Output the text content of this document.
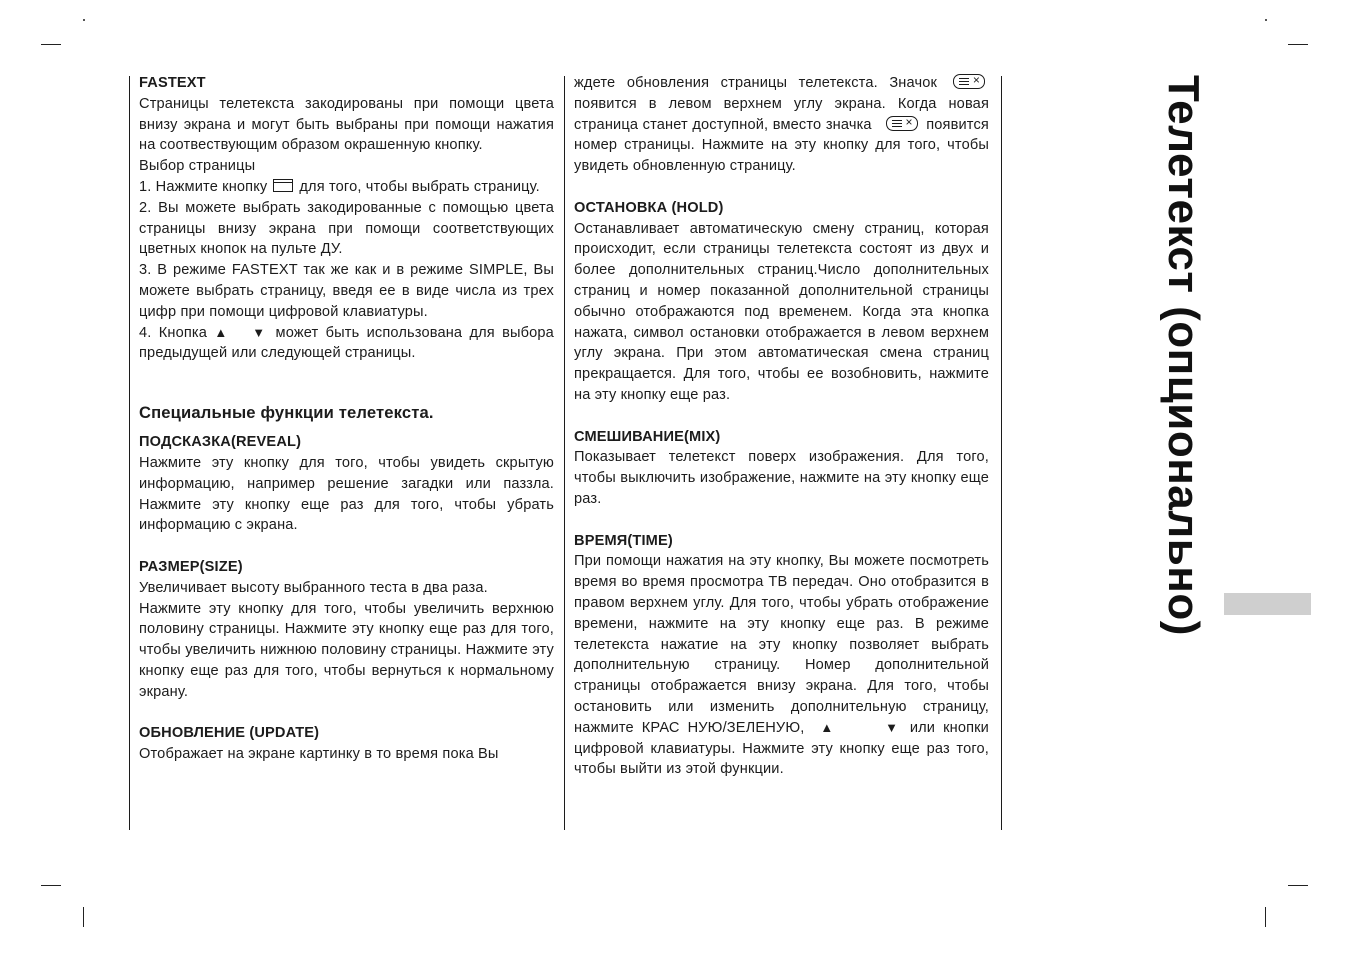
FASTEXT

Страницы телетекста закодированы при помощи цвета внизу экрана и могут быть выбраны при помощи нажатия на соотвествующим образом окрашенную кнопку.

Выбор страницы

1. Нажмите кнопку для того, чтобы выбрать страницу.

2. Вы можете выбрать закодированные с помощью цвета страницы внизу экрана при помощи соответствующих цветных кнопок на пульте ДУ.

3. В режиме FASTEXT так же как и в режиме SIMPLE, Вы можете выбрать страницу, введя ее в виде числа из трех цифр при помощи цифровой клавиатуры.

4. Кнопка ▲ ▼ может быть использована для выбора предыдущей или следующей страницы.

Специальные функции телетекста.
ПОДСКАЗКА(REVEAL)

Нажмите эту кнопку для того, чтобы увидеть скрытую информацию, например решение загадки или паззла. Нажмите эту кнопку еще раз для того, чтобы убрать информацию с экрана.

РАЗМЕР(SIZE)

Увеличивает высоту выбранного теста в два раза.

Нажмите эту кнопку для того, чтобы увеличить верхнюю половину страницы. Нажмите эту кнопку еще раз для того, чтобы увеличить нижнюю половину страницы. Нажмите эту кнопку еще раз для того, чтобы вернуться к нормальному экрану.

ОБНОВЛЕНИЕ (UPDATE)

Отображает на экране картинку в то время пока Вы

ждете обновления страницы телетекста. Значок	×
появится в левом верхнем углу экрана. Когда новая страница станет доступной, вместо значка	× появится номер страницы. Нажмите на эту кнопку для того, чтобы увидеть обновленную страницу.

ОСТАНОВКА (HOLD)

Останавливает автоматическую смену страниц, которая происходит, если страницы телетекста состоят из двух и более дополнительных страниц.Число дополнительных страниц и номер показанной дополнительной страницы обычно отображаются под временем. Когда эта кнопка нажата, символ остановки отображается в левом верхнем углу экрана. При этом автоматическая смена страниц прекращается. Для того, чтобы ее возобновить, нажмите на эту кнопку еще раз.

СМЕШИВАНИЕ(MIX)

Показывает телетекст поверх изображения. Для того, чтобы выключить изображение, нажмите на эту кнопку еще раз.

ВРЕМЯ(TIME)

При помощи нажатия на эту кнопку, Вы можете посмотреть время во время просмотра ТВ передач. Оно отобразится в правом верхнем углу. Для того, чтобы убрать отображение времени, нажмите на эту кнопку еще раз. В режиме телетекста нажатие на эту кнопку позволяет выбрать дополнительную страницу. Номер дополнительной страницы отображается внизу экрана. Для того, чтобы остановить или изменить дополнительную страницу, нажмите КРАС НУЮ/ЗЕЛЕНУЮ, ▲	▼ или кнопки цифровой клавиатуры. Нажмите эту кнопку еще раз того, чтобы выйти из этой функции.

Телетекст (опционально)
